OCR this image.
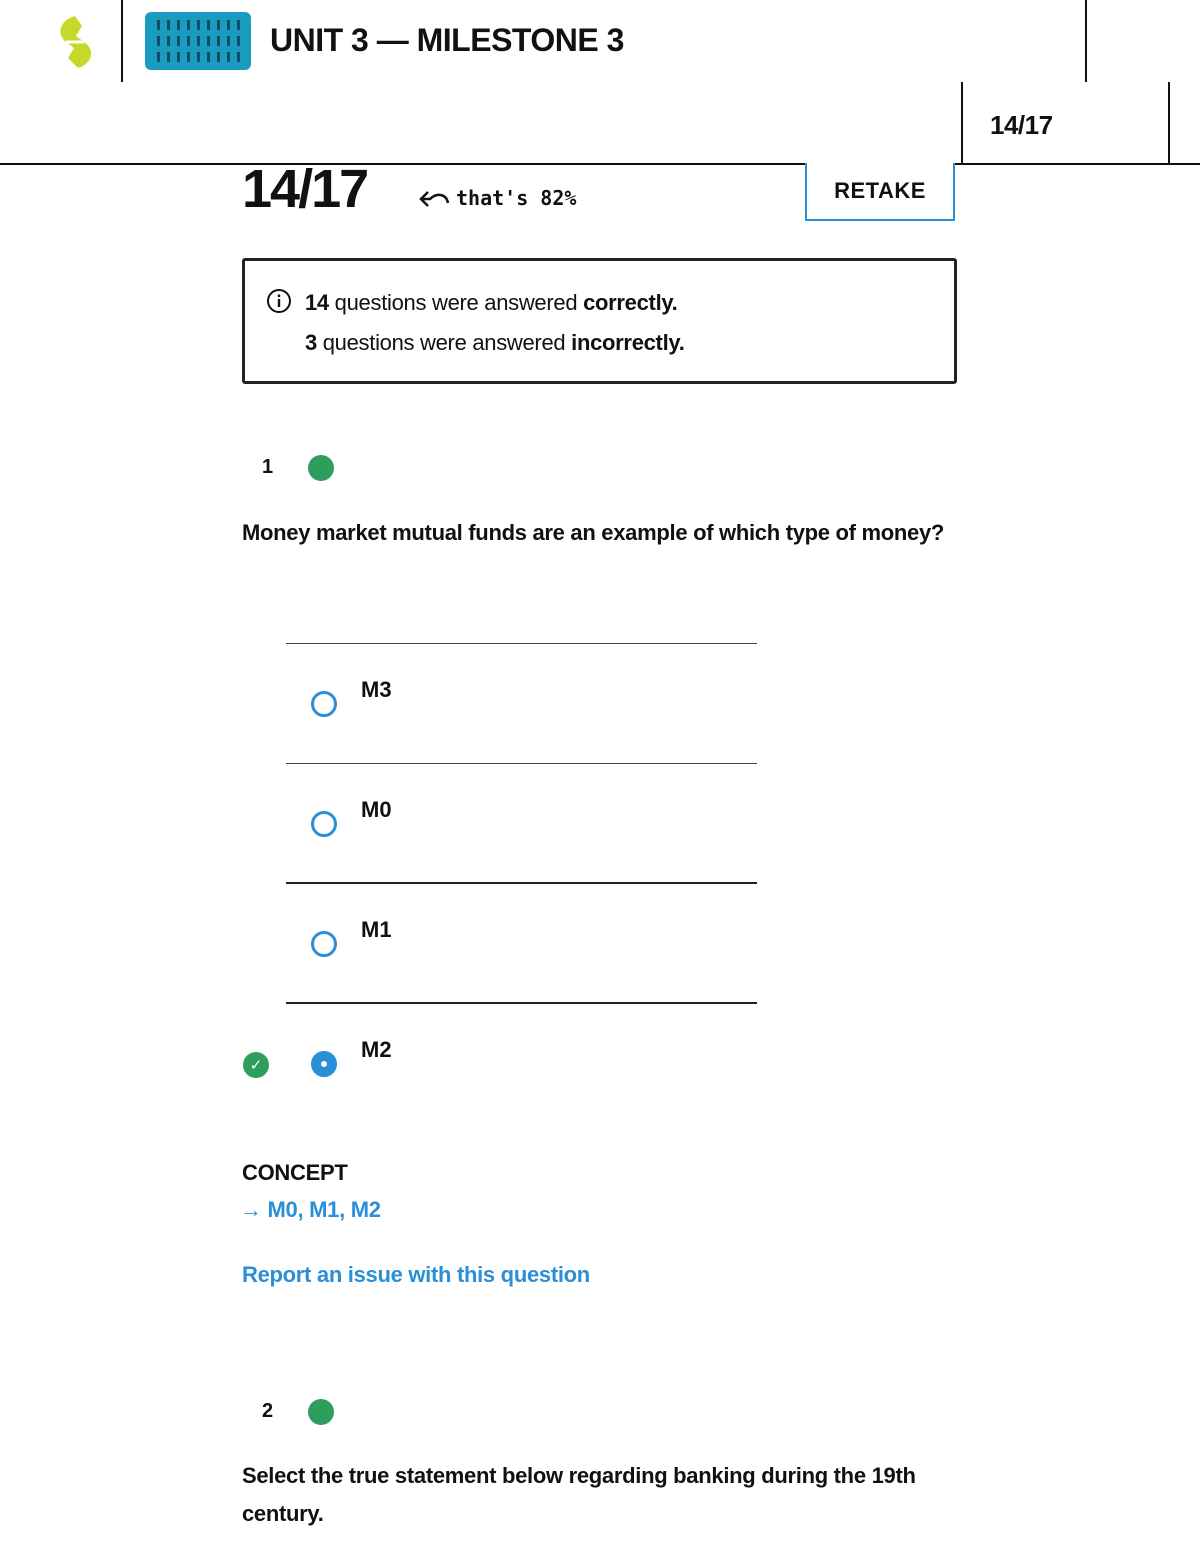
UNIT 3 — MILESTONE 3
14/17
14/17	that's 82%	RETAKE
14 questions were answered correctly.
3 questions were answered incorrectly.
1
Money market mutual funds are an example of which type of money?
M3
M0
M1
✓
M2
CONCEPT
→ M0, M1, M2
Report an issue with this question
2
Select the true statement below regarding banking during the 19th century.
